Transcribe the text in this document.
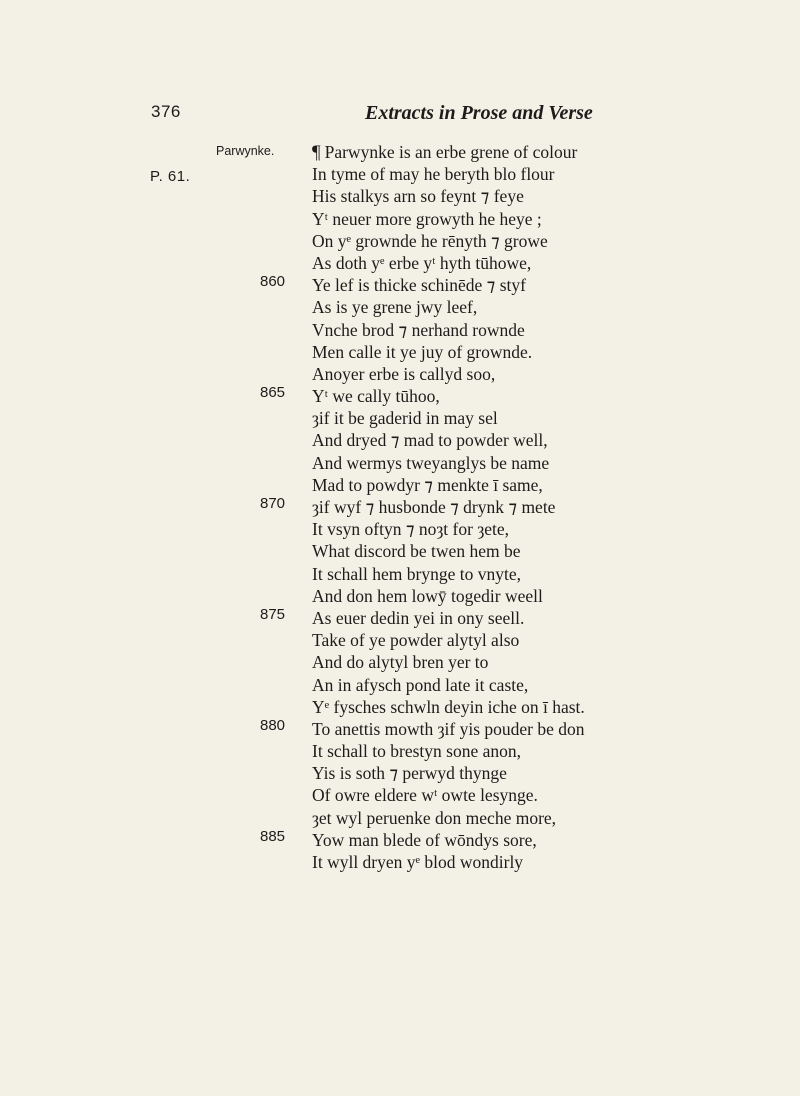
376	Extracts in Prose and Verse
Parwynke.
P. 61.
860
865
870
875
880
885
¶ Parwynke is an erbe grene of colour
In tyme of may he beryth blo flour
His stalkys arn so feynt ⁊ feye
Yᵗ neuer more growyth he heye ;
On yᵉ grownde he rēnyth ⁊ growe
As doth yᵉ erbe yᵗ hyth tūhowe,
Ye lef is thicke schinēde ⁊ styf
As is ye grene jwy leef,
Vnche brod ⁊ nerhand rownde
Men calle it ye juy of grownde.
Anoyer erbe is callyd soo,
Yᵗ we cally tūhoo,
ȝif it be gaderid in may sel
And dryed ⁊ mad to powder well,
And wermys tweyanglys be name
Mad to powdyr ⁊ menkte ī same,
ȝif wyf ⁊ husbonde ⁊ drynk ⁊ mete
It vsyn oftyn ⁊ noȝt for ȝete,
What discord be twen hem be
It schall hem brynge to vnyte,
And don hem lowȳ togedir weell
As euer dedin yei in ony seell.
Take of ye powder alytyl also
And do alytyl bren yer to
An in afysch pond late it caste,
Yᵉ fysches schwln deyin iche on ī hast.
To anettis mowth ȝif yis pouder be don
It schall to brestyn sone anon,
Yis is soth ⁊ perwyd thynge
Of owre eldere wᵗ owte lesynge.
ȝet wyl peruenke don meche more,
Yow man blede of wōndys sore,
It wyll dryen yᵉ blod wondirly
